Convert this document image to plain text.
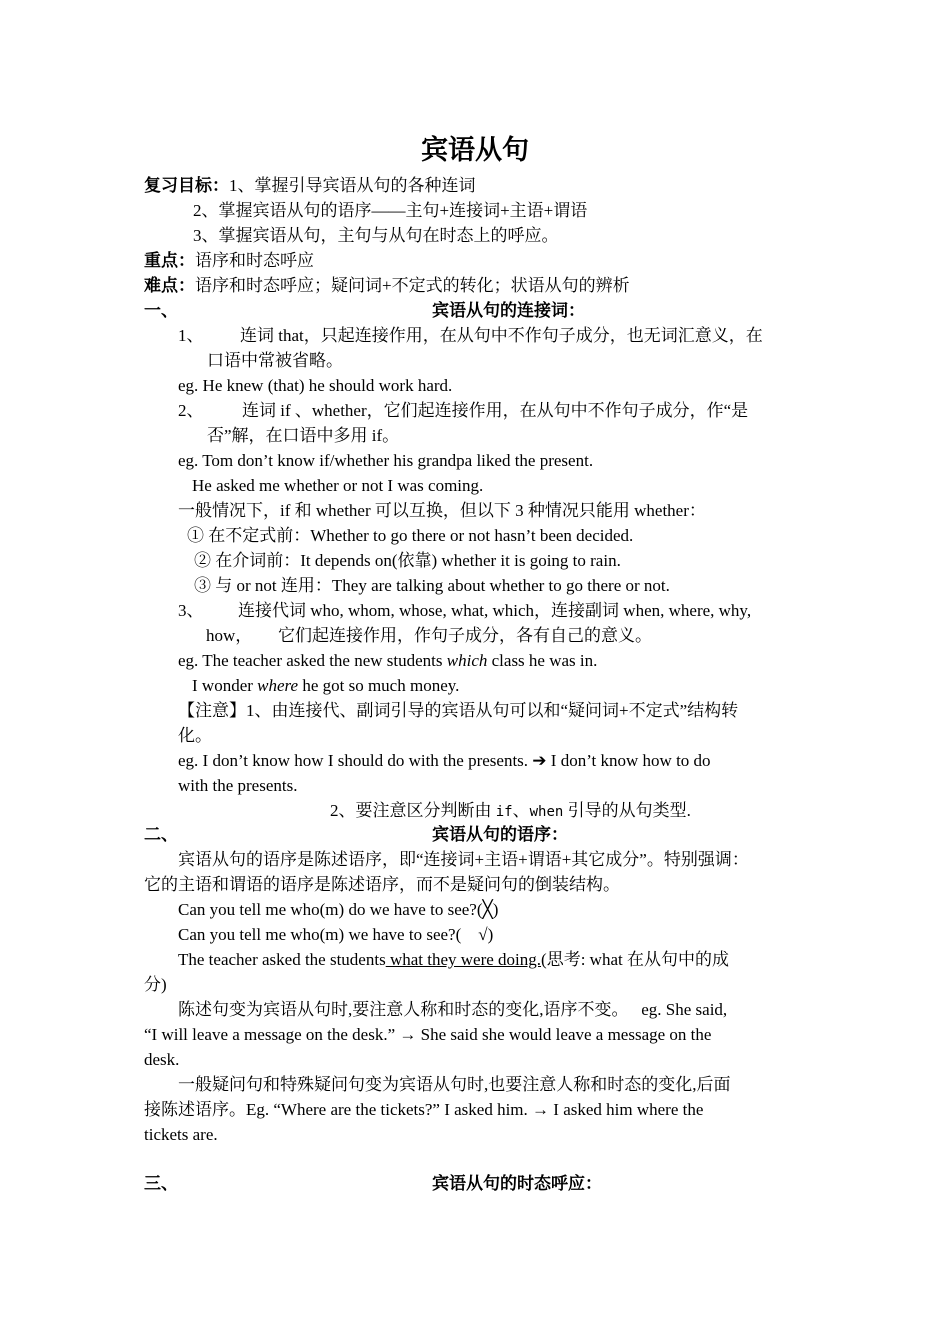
宾语从句
复习目标：1、掌握引导宾语从句的各种连词
2、掌握宾语从句的语序——主句+连接词+主语+谓语
3、掌握宾语从句，主句与从句在时态上的呼应。
重点：语序和时态呼应
难点：语序和时态呼应；疑问词+不定式的转化；状语从句的辨析
一、	宾语从句的连接词：
1、 连词 that，只起连接作用，在从句中不作句子成分，也无词汇意义，在
口语中常被省略。
eg. He knew (that) he should work hard.
2、 连词 if 、whether，它们起连接作用，在从句中不作句子成分，作“是
否”解，在口语中多用 if。
eg. Tom don’t know if/whether his grandpa liked the present.
He asked me whether or not I was coming.
一般情况下，if 和 whether 可以互换，但以下 3 种情况只能用 whether：
① 在不定式前：Whether to go there or not hasn’t been decided.
② 在介词前：It depends on(依靠) whether it is going to rain.
③ 与 or not 连用：They are talking about whether to go there or not.
3、 连接代词 who, whom, whose, what, which，连接副词 when, where, why,
how， 它们起连接作用，作句子成分，各有自己的意义。
eg. The teacher asked the new students which class he was in.
I wonder where he got so much money.
【注意】1、由连接代、副词引导的宾语从句可以和“疑问词+不定式”结构转
化。
eg. I don’t know how I should do with the presents. ➔ I don’t know how to do
with the presents.
2、要注意区分判断由 if、when 引导的从句类型.
二、	宾语从句的语序：
宾语从句的语序是陈述语序，即“连接词+主语+谓语+其它成分”。特别强调：
它的主语和谓语的语序是陈述语序，而不是疑问句的倒装结构。
Can you tell me who(m) do we have to see?(╳)
Can you tell me who(m) we have to see?(　√)
The teacher asked the students what they were doing.(思考: what 在从句中的成
分)
陈述句变为宾语从句时,要注意人称和时态的变化,语序不变。　 eg. She said,
“I will leave a message on the desk.” → She said she would leave a message on the
desk.
一般疑问句和特殊疑问句变为宾语从句时,也要注意人称和时态的变化,后面
接陈述语序。Eg. “Where are the tickets?” I asked him. → I asked him where the
tickets are.
三、	宾语从句的时态呼应：
